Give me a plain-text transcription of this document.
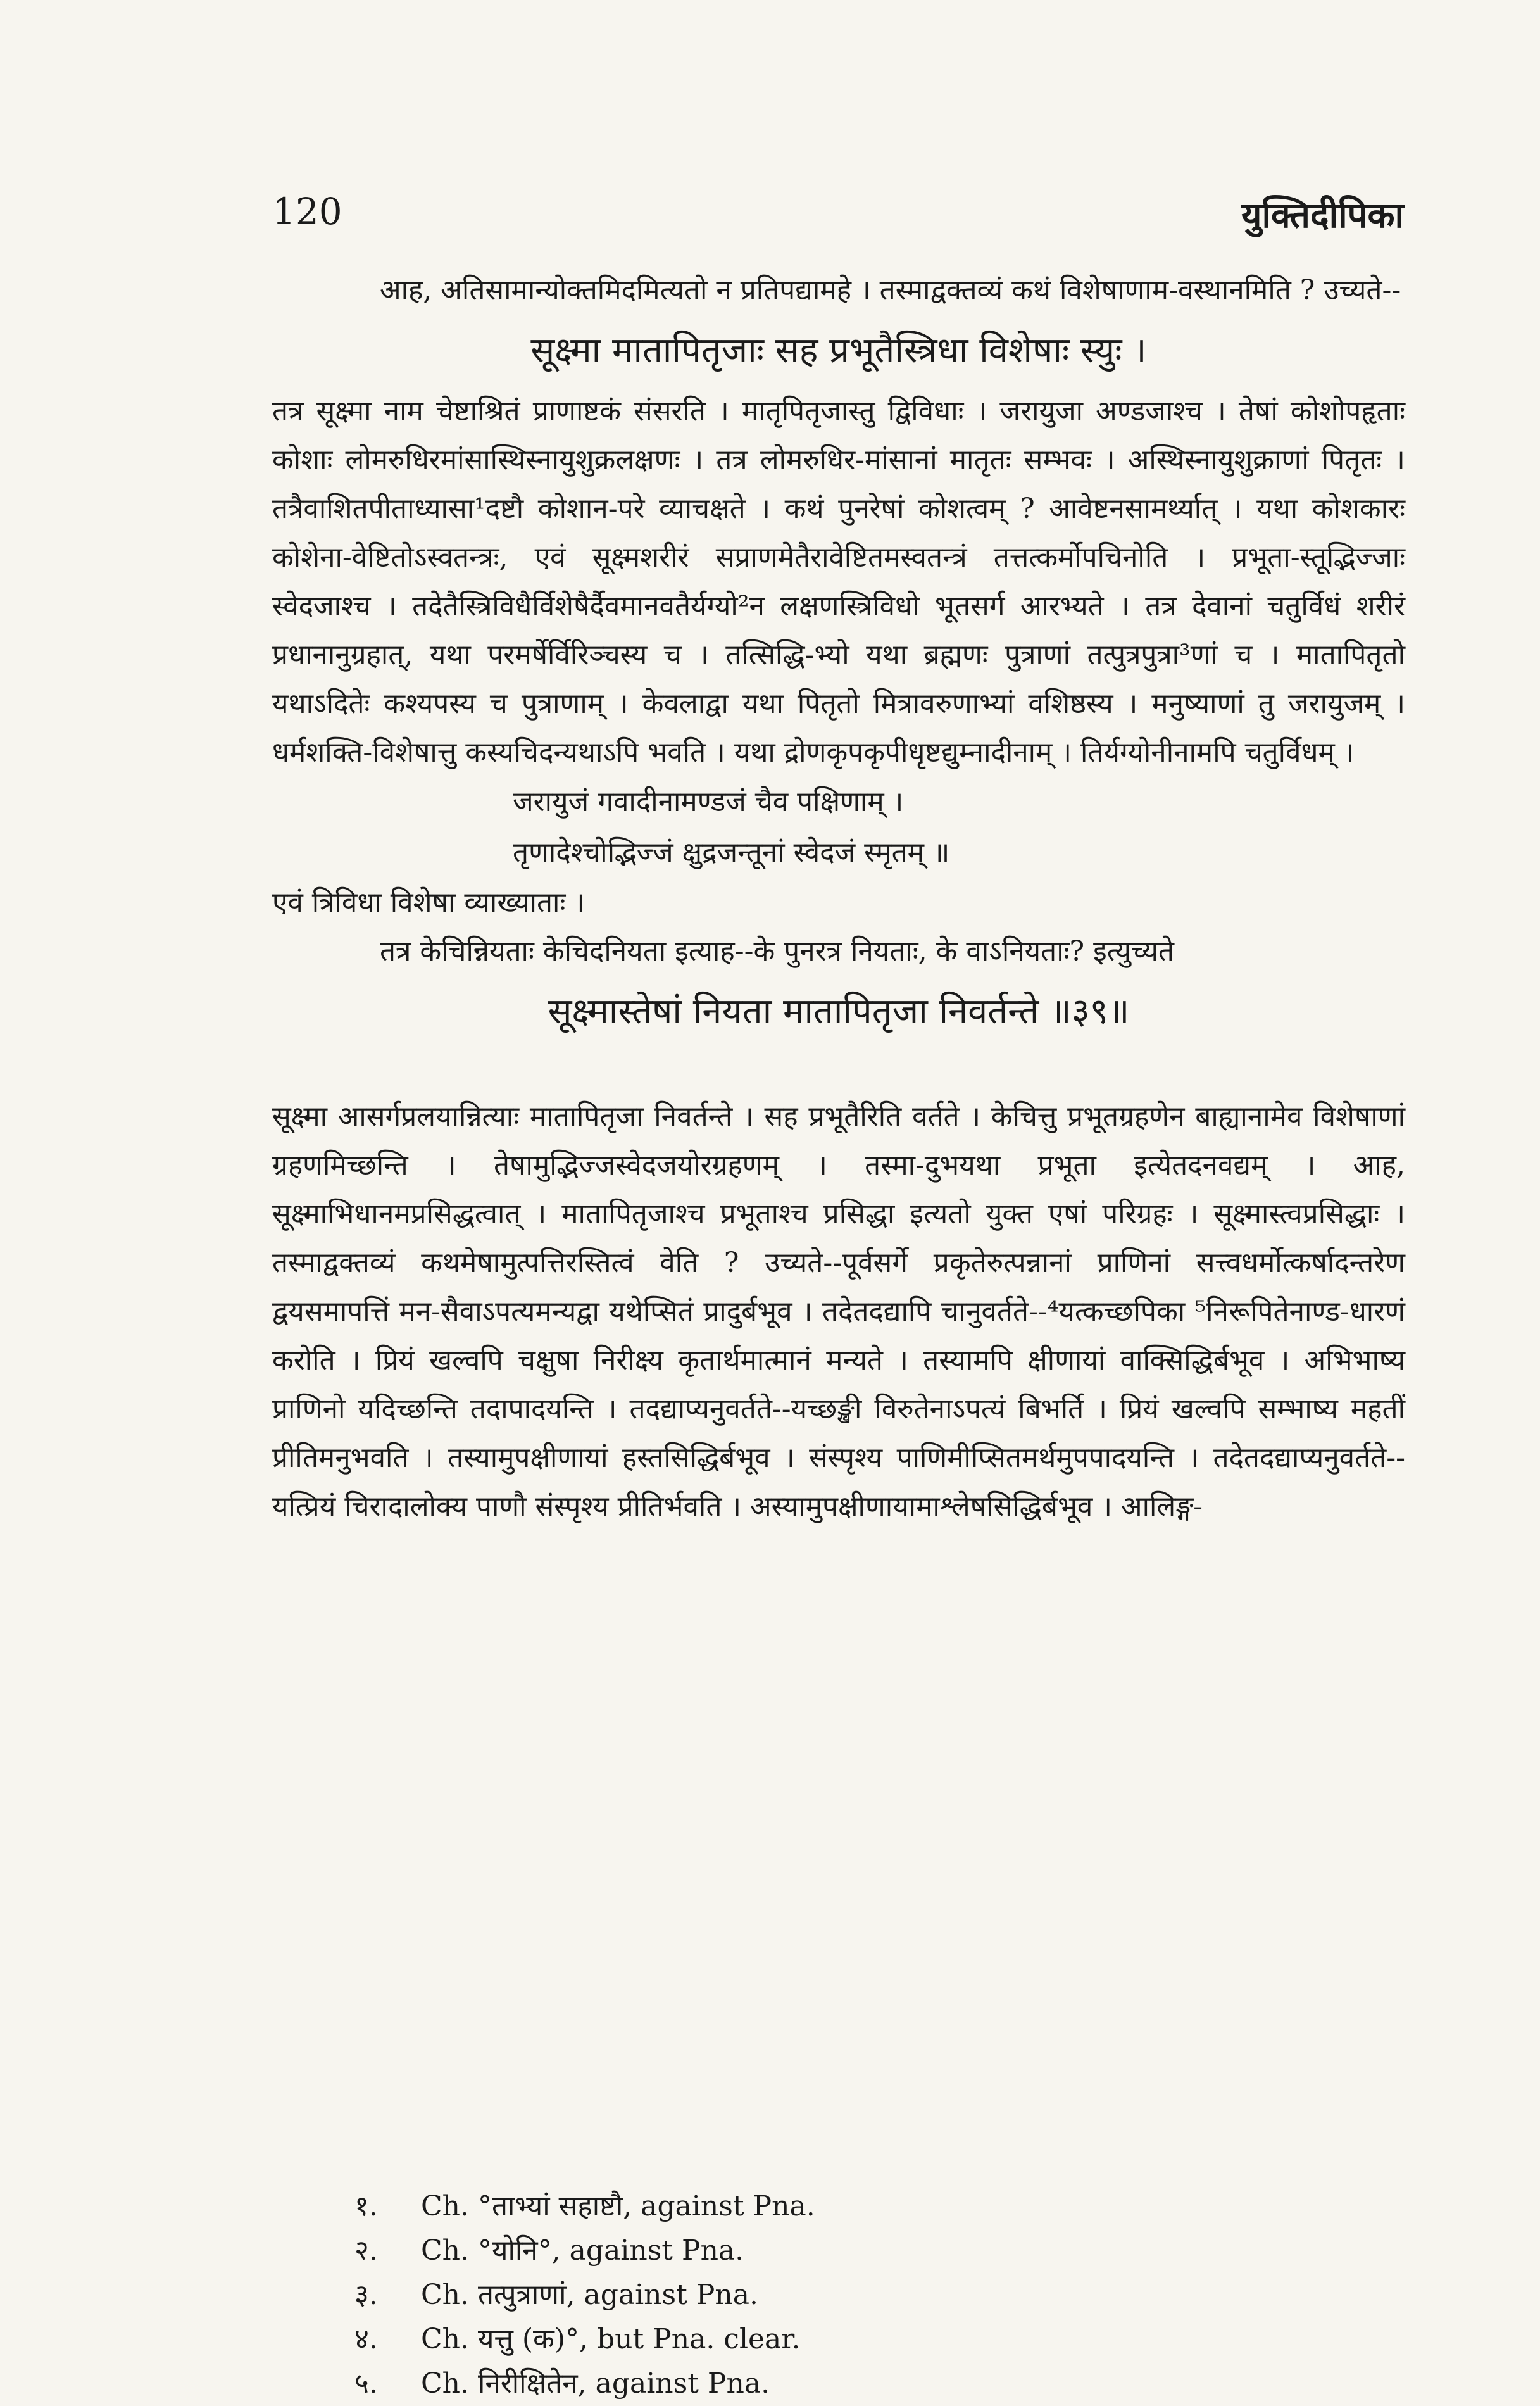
120	युक्तिदीपिका

आह, अतिसामान्योक्तमिदमित्यतो न प्रतिपद्यामहे । तस्माद्वक्तव्यं कथं विशेषाणाम-वस्थानमिति ? उच्यते--

सूक्ष्मा मातापितृजाः सह प्रभूतैस्त्रिधा विशेषाः स्युः ।

तत्र सूक्ष्मा नाम चेष्टाश्रितं प्राणाष्टकं संसरति । मातृपितृजास्तु द्विविधाः । जरायुजा अण्डजाश्च । तेषां कोशोपहृताः कोशाः लोमरुधिरमांसास्थिस्नायुशुक्रलक्षणः । तत्र लोमरुधिर-मांसानां मातृतः सम्भवः । अस्थिस्नायुशुक्राणां पितृतः । तत्रैवाशितपीताध्यासा¹दष्टौ कोशान-परे व्याचक्षते । कथं पुनरेषां कोशत्वम् ? आवेष्टनसामर्थ्यात् । यथा कोशकारः कोशेना-वेष्टितोऽस्वतन्त्रः, एवं सूक्ष्मशरीरं सप्राणमेतैरावेष्टितमस्वतन्त्रं तत्तत्कर्मोपचिनोति । प्रभूता-स्तूद्भिज्जाः स्वेदजाश्च । तदेतैस्त्रिविधैर्विशेषैर्दैवमानवतैर्यग्यो²न लक्षणस्त्रिविधो भूतसर्ग आरभ्यते । तत्र देवानां चतुर्विधं शरीरं प्रधानानुग्रहात्, यथा परमर्षेर्विरिञ्चस्य च । तत्सिद्धि-भ्यो यथा ब्रह्मणः पुत्राणां तत्पुत्रपुत्रा³णां च । मातापितृतो यथाऽदितेः कश्यपस्य च पुत्राणाम् । केवलाद्वा यथा पितृतो मित्रावरुणाभ्यां वशिष्ठस्य । मनुष्याणां तु जरायुजम् । धर्मशक्ति-विशेषात्तु कस्यचिदन्यथाऽपि भवति । यथा द्रोणकृपकृपीधृष्टद्युम्नादीनाम् । तिर्यग्योनीनामपि चतुर्विधम् ।

जरायुजं गवादीनामण्डजं चैव पक्षिणाम् ।

तृणादेश्चोद्भिज्जं क्षुद्रजन्तूनां स्वेदजं स्मृतम् ॥

एवं त्रिविधा विशेषा व्याख्याताः ।

तत्र केचिन्नियताः केचिदनियता इत्याह--के पुनरत्र नियताः, के वाऽनियताः? इत्युच्यते

सूक्ष्मास्तेषां नियता मातापितृजा निवर्तन्ते ॥३९॥

सूक्ष्मा आसर्गप्रलयान्नित्याः मातापितृजा निवर्तन्ते । सह प्रभूतैरिति वर्तते । केचित्तु प्रभूतग्रहणेन बाह्यानामेव विशेषाणां ग्रहणमिच्छन्ति । तेषामुद्भिज्जस्वेदजयोरग्रहणम् । तस्मा-दुभयथा प्रभूता इत्येतदनवद्यम् । आह, सूक्ष्माभिधानमप्रसिद्धत्वात् । मातापितृजाश्च प्रभूताश्च प्रसिद्धा इत्यतो युक्त एषां परिग्रहः । सूक्ष्मास्त्वप्रसिद्धाः । तस्माद्वक्तव्यं कथमेषामुत्पत्तिरस्तित्वं वेति ? उच्यते--पूर्वसर्गे प्रकृतेरुत्पन्नानां प्राणिनां सत्त्वधर्मोत्कर्षादन्तरेण द्वयसमापत्तिं मन-सैवाऽपत्यमन्यद्वा यथेप्सितं प्रादुर्बभूव । तदेतदद्यापि चानुवर्तते--⁴यत्कच्छपिका ⁵निरूपितेनाण्ड-धारणं करोति । प्रियं खल्वपि चक्षुषा निरीक्ष्य कृतार्थमात्मानं मन्यते । तस्यामपि क्षीणायां वाक्सिद्धिर्बभूव । अभिभाष्य प्राणिनो यदिच्छन्ति तदापादयन्ति । तदद्याप्यनुवर्तते--यच्छङ्खी विरुतेनाऽपत्यं बिभर्ति । प्रियं खल्वपि सम्भाष्य महतीं प्रीतिमनुभवति । तस्यामुपक्षीणायां हस्तसिद्धिर्बभूव । संस्पृश्य पाणिमीप्सितमर्थमुपपादयन्ति । तदेतदद्याप्यनुवर्तते--यत्प्रियं चिरादालोक्य पाणौ संस्पृश्य प्रीतिर्भवति । अस्यामुपक्षीणायामाश्लेषसिद्धिर्बभूव । आलिङ्ग-

१. Ch. °ताभ्यां सहाष्टौ, against Pna.
२. Ch. °योनि°, against Pna.
३. Ch. तत्पुत्राणां, against Pna.
४. Ch. यत्तु (क)°, but Pna. clear.
५. Ch. निरीक्षितेन, against Pna.
